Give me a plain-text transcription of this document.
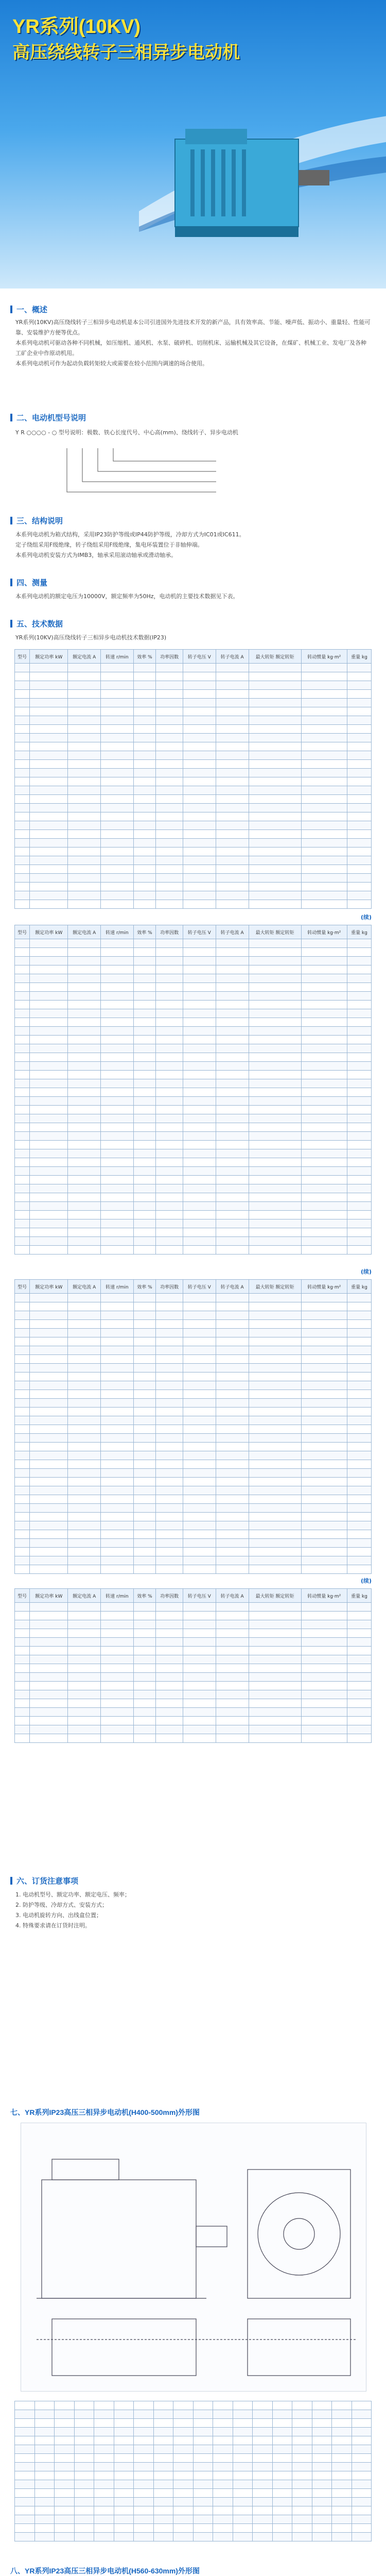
YR系列(10KV)
高压绕线转子三相异步电动机
一、概述
YR系列(10KV)高压绕线转子三相异步电动机是本公司引进国外先进技术开发的新产品，具有效率高、节能、噪声低、振动小、重量轻、性能可靠、安装维护方便等优点。
本系列电动机可驱动各种不同机械，如压缩机、通风机、水泵、破碎机、切削机床、运输机械及其它设备，在煤矿、机械工业、发电厂及各种工矿企业中作原动机用。
本系列电动机可作为起动负载转矩较大或需要在较小范围内调速的场合使用。
二、电动机型号说明
Y R ○○○○ - ○ 型号说明：极数、铁心长度代号、中心高(mm)、绕线转子、异步电动机
三、结构说明
本系列电动机为箱式结构，采用IP23防护等级或IP44防护等级，冷却方式为IC01或IC611。
定子绕组采用F级绝缘，转子绕组采用F级绝缘，集电环装置位于非轴伸端。
本系列电动机安装方式为IMB3，轴承采用滚动轴承或滑动轴承。
四、测量
本系列电动机的额定电压为10000V，额定频率为50Hz，电动机的主要技术数据见下表。
五、技术数据
YR系列(10KV)高压绕线转子三相异步电动机技术数据(IP23)
型号	额定功率 kW	额定电流 A	转速 r/min	效率 %	功率因数	转子电压 V	转子电流 A	最大转矩 额定转矩	转动惯量 kg·m²	重量 kg

(续)
型号	额定功率 kW	额定电流 A	转速 r/min	效率 %	功率因数	转子电压 V	转子电流 A	最大转矩 额定转矩	转动惯量 kg·m²	重量 kg

(续)
型号	额定功率 kW	额定电流 A	转速 r/min	效率 %	功率因数	转子电压 V	转子电流 A	最大转矩 额定转矩	转动惯量 kg·m²	重量 kg

(续)
型号	额定功率 kW	额定电流 A	转速 r/min	效率 %	功率因数	转子电压 V	转子电流 A	最大转矩 额定转矩	转动惯量 kg·m²	重量 kg

六、订货注意事项
1. 电动机型号、额定功率、额定电压、频率；
2. 防护等级、冷却方式、安装方式；
3. 电动机旋转方向、出线盒位置；
4. 特殊要求请在订货时注明。
七、YR系列IP23高压三相异步电动机(H400-500mm)外形图

八、YR系列IP23高压三相异步电动机(H560-630mm)外形图
